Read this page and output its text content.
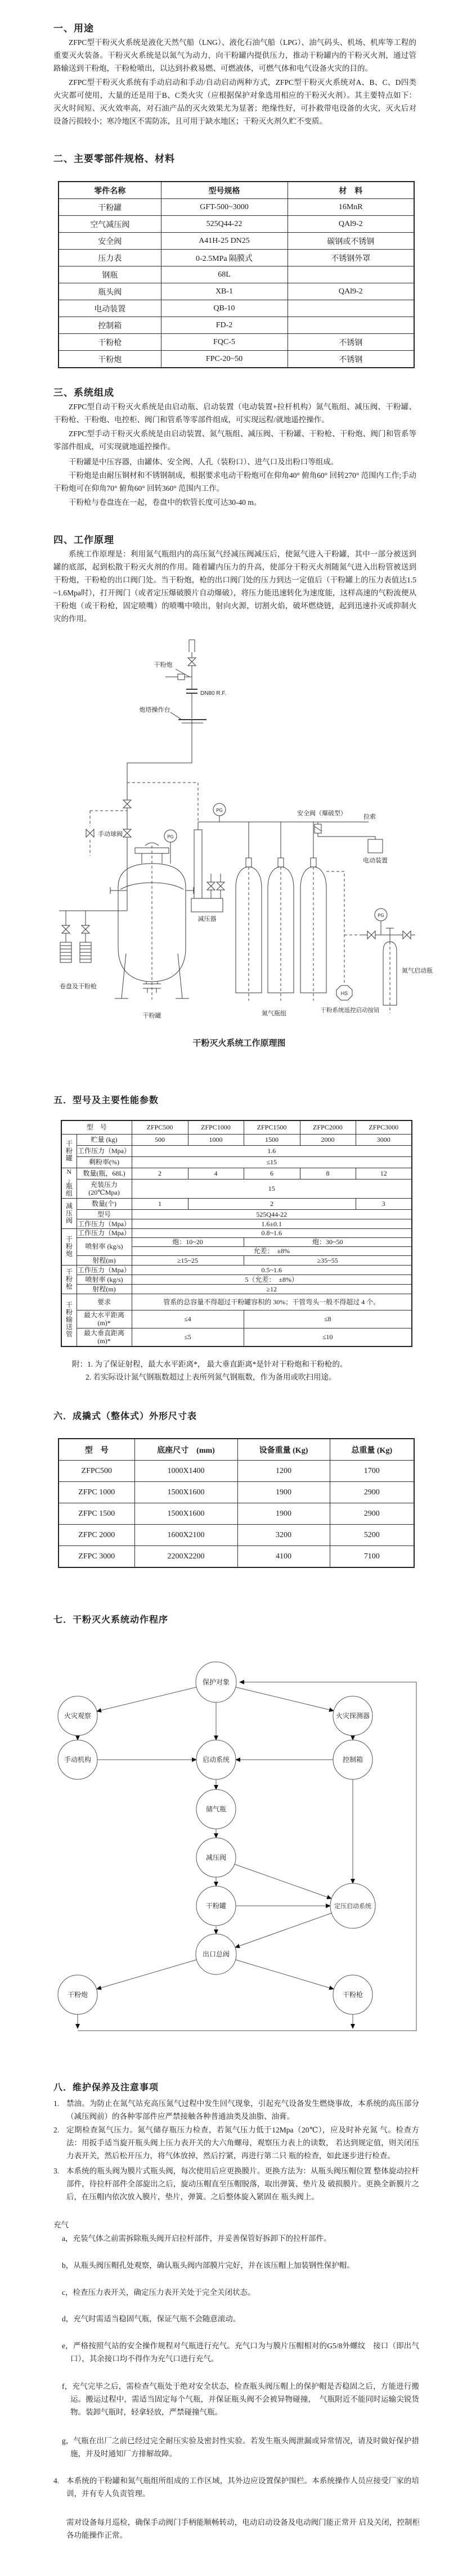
一、用途
ZFPC型干粉灭火系统是液化天然气船（LNG）、液化石油气船（LPG）、油气码头、机场、机库等工程的重要灭火装备。干粉灭火系统是以氮气为动力，向干粉罐内提供压力，推动干粉罐内的干粉灭火剂，通过管路输送到干粉炮，干粉枪喷出，以达到扑救易燃、可燃液体，可燃气体和电气设备火灾的目的。
ZFPC型干粉灭火系统有手动启动和手动/自动启动两种方式，ZFPC型干粉灭火系统对A、B、C、D四类火灾都可使用，大量的还是用于B、C类火灾（应根据保护对象选用相应的干粉灭火剂）。其主要特点如下：灭火时间短、灭火效率高，对石油产品的灭火效果尤为显著；绝缘性好，可扑救带电设备的火灾，灭火后对设备污损较小；寒冷地区不需防冻，且可用于缺水地区；干粉灭火剂久贮不变质。
二、主要零部件规格、材料
零件名称	型号规格	材　料
干粉罐	GFT-500~3000	16MnR
空气减压阀	525Q44-22	QAl9-2
安全阀	A41H-25 DN25	碳钢或不锈钢
压力表	0-2.5MPa 隔膜式	不锈钢外罩
钢瓶	68L	
瓶头阀	XB-1	QAl9-2
电动装置	QB-10	
控制箱	FD-2	
干粉枪	FQC-5	不锈钢
干粉炮	FPC-20~50	不锈钢
三、系统组成
ZFPC型自动干粉灭火系统是由启动瓶、启动装置（电动装置+拉杆机构）氮气瓶组、减压阀、干粉罐、干粉枪、干粉炮、电控柜、阀门和管系等零部件组成，可实现远程/就地遥控操作。
ZFPC型手动干粉灭火系统是由启动装置、氮气瓶组、减压阀、干粉罐、干粉枪、干粉炮、阀门和管系等零部件组成，可实现就地遥控操作。
干粉罐是中压容器，由罐体、安全阀、人孔（装粉口）、进气口及出粉口等组成。
干粉炮是由耐压铜材和不锈钢制成，根据要求电动干粉炮可在仰角40° 俯角60° 回转270° 范围内工作;手动干粉炮可在仰角70° 俯角60° 回转360° 范围内工作。
干粉枪与卷盘连在一起，卷盘中的软管长度可达30-40 m。
四、工作原理
系统工作原理是：利用氮气瓶组内的高压氮气经减压阀减压后，使氮气进入干粉罐，其中一部分被送到罐的底部，起到松散干粉灭火剂的作用。随着罐内压力的升高，使部分干粉灭火剂随氮气进入出粉管被送到干粉炮，干粉枪的出口阀门处。当干粉炮，枪的出口阀门处的压力到达一定值后（干粉罐上的压力表值达1.5~1.6Mpa时），打开阀门（或者定压爆破膜片自动爆破），将压力能迅速转化为速度能，这样高速的气粉流便从干粉炮（或干粉枪，固定喷嘴）的喷嘴中喷出，射向火源，切割火焰，破坏燃烧链，起到迅速扑灭或抑制火灾的作用。
干粉炮
DN80 R.F.
炮塔操作台
手动球阀
PG
PG
PG
安全阀（爆破型）	拉索
电动装置
减压器
干粉罐
卷盘及干粉枪
氮气瓶组
HS
干粉系统遥控启动按钮
氮气启动瓶
干粉灭火系统工作原理图
五．型号及主要性能参数
型　号		ZFPC500	ZFPC1000	ZFPC1500	ZFPC2000	ZFPC3000
干粉罐	贮量 (kg)	500	1000	1500	2000	3000
	工作压力（Mpa）	1.6				
	剩粉率(%)	≤15				
N₂瓶组	数量(瓶，68L)	2	4	6	8	12
	充装压力 (20℃Mpa)	15				
减压阀	数量(个)	1	2			3
	型号	525Q44-22				
	工作压力（Mpa）	1.6±0.1				
干粉炮	工作压力（Mpa）	0.8~1.6				
	喷射率 (kg/s)	炮：10~20		炮：30~50		
		允差：　±8%				
	射程(m)	≥15~25		≥35~55		
干粉枪	工作压力（Mpa）	0.5~1.6				
	喷射率 (kg/s)	5（允差：　±8%）				
	射程(m)	≥12				
干粉输送管	要求	管系的总容量不得超过干粉罐容积的 30%；干管弯头一般不得超过 4 个。				
	最大水平距离 (m)*	≤4		≤8		
	最大垂直距离 (m)*	≤5		≤10		
附：1. 为了保证射程，最大水平距离*， 最大垂直距离*是针对干粉炮和干粉枪的。
2. 若实际设计氮气钢瓶数超过上表所列氮气钢瓶数，作为备用或吹扫用途。
六．成撬式（整体式）外形尺寸表
型　号	底座尺寸　(mm)	设备重量 (Kg)	总重量 (Kg)
ZFPC500	1000X1400	1200	1700
ZFPC 1000	1500X1600	1900	2900
ZFPC 1500	1500X1600	1900	2900
ZFPC 2000	1600X2100	3200	5200
ZFPC 3000	2200X2200	4100	7100
七．干粉灭火系统动作程序
保护对象
火灾观察	火灾探测器
手动机构	启动系统	控制箱
储气瓶
减压阀
干粉罐	定压启动系统
出口总阀
干粉炮	干粉枪
八．维护保养及注意事项
1. 禁油。为防止在氮气站充高压氮气过程中发生回气现象，引起充气设备发生燃烧事故，本系统的高压部分（减压阀前）的各种零部件应严禁接触各种普通油类及油脂、油膏。
2. 定期检查氮气压力。氮气储存瓶压力检查，若氮气压力低于12Mpa（20℃），应及时补充氮 气。检查方法：用扳手适当旋开瓶头阀上压力表开关的大六角螺母，观察压力表上的读数， 若达到规定值，则关闭压力表开关，然后松开压力，将气体放掉，然后拧紧，再进行第二只 瓶的检查，如此逐步进行检查。
3. 本系统的瓶头阀为膜片式瓶头阀，每次使用后应更换膜片。更换方法为：从瓶头阀压帽位置 整体旋动拉杆部件，待拉杆部件全部旋出之后，旋动压帽直至压帽脱落，取出弹簧、垫片及 破损膜片。更换全新膜片之后，在压帽内依次放入膜片，垫片，弹簧。之后整体旋入紧固在 瓶头阀上。
充气
a，充装气体之前需拆除瓶头阀开启拉杆部件，并妥善保管好拆卸下的拉杆部件。
b，从瓶头阀压帽孔处观察，确认瓶头阀内部膜片完好，并在该压帽上加装钢性保护帽。
c，检查压力表开关，确定压力表开关处于完全关闭状态。
d，充气时需适当稳固气瓶，保证气瓶不会随意滚动。
e，严格按照气站的安全操作规程对气瓶进行充气。充气口为与膜片压帽相对的G5/8外螺纹　接口（即出气口），其余接口均不得作为充气口进行充气。
f，充气完毕之后，需检查气瓶处于绝对安全状态，检查瓶头阀压帽上的保护帽是否稳固之后，方能进行搬运。搬运过程中，需适当固定每个气瓶，并保证瓶头阀不会被异物碰撞，　气瓶附近不能同时运输尖锐货物。装卸气瓶时，轻拿轻放，严禁碰撞气瓶。
g，气瓶在出厂之前已经过完全耐压实验及密封性实验。若发生瓶头阀泄漏或异常情况，请及时做好保护措施，并及时通知厂方排解故障。
4. 本系统的干粉罐和氮气瓶组所组成的工作区域，其外边应设置保护围栏。本系统操作人员应接受厂家的培训，并有专人负责管理。
需对设备每月巡检，确保手动阀门手柄能顺畅转动，电动启动设备及电动阀门能正常开 启及关闭，控制柜各功能操作正常。
